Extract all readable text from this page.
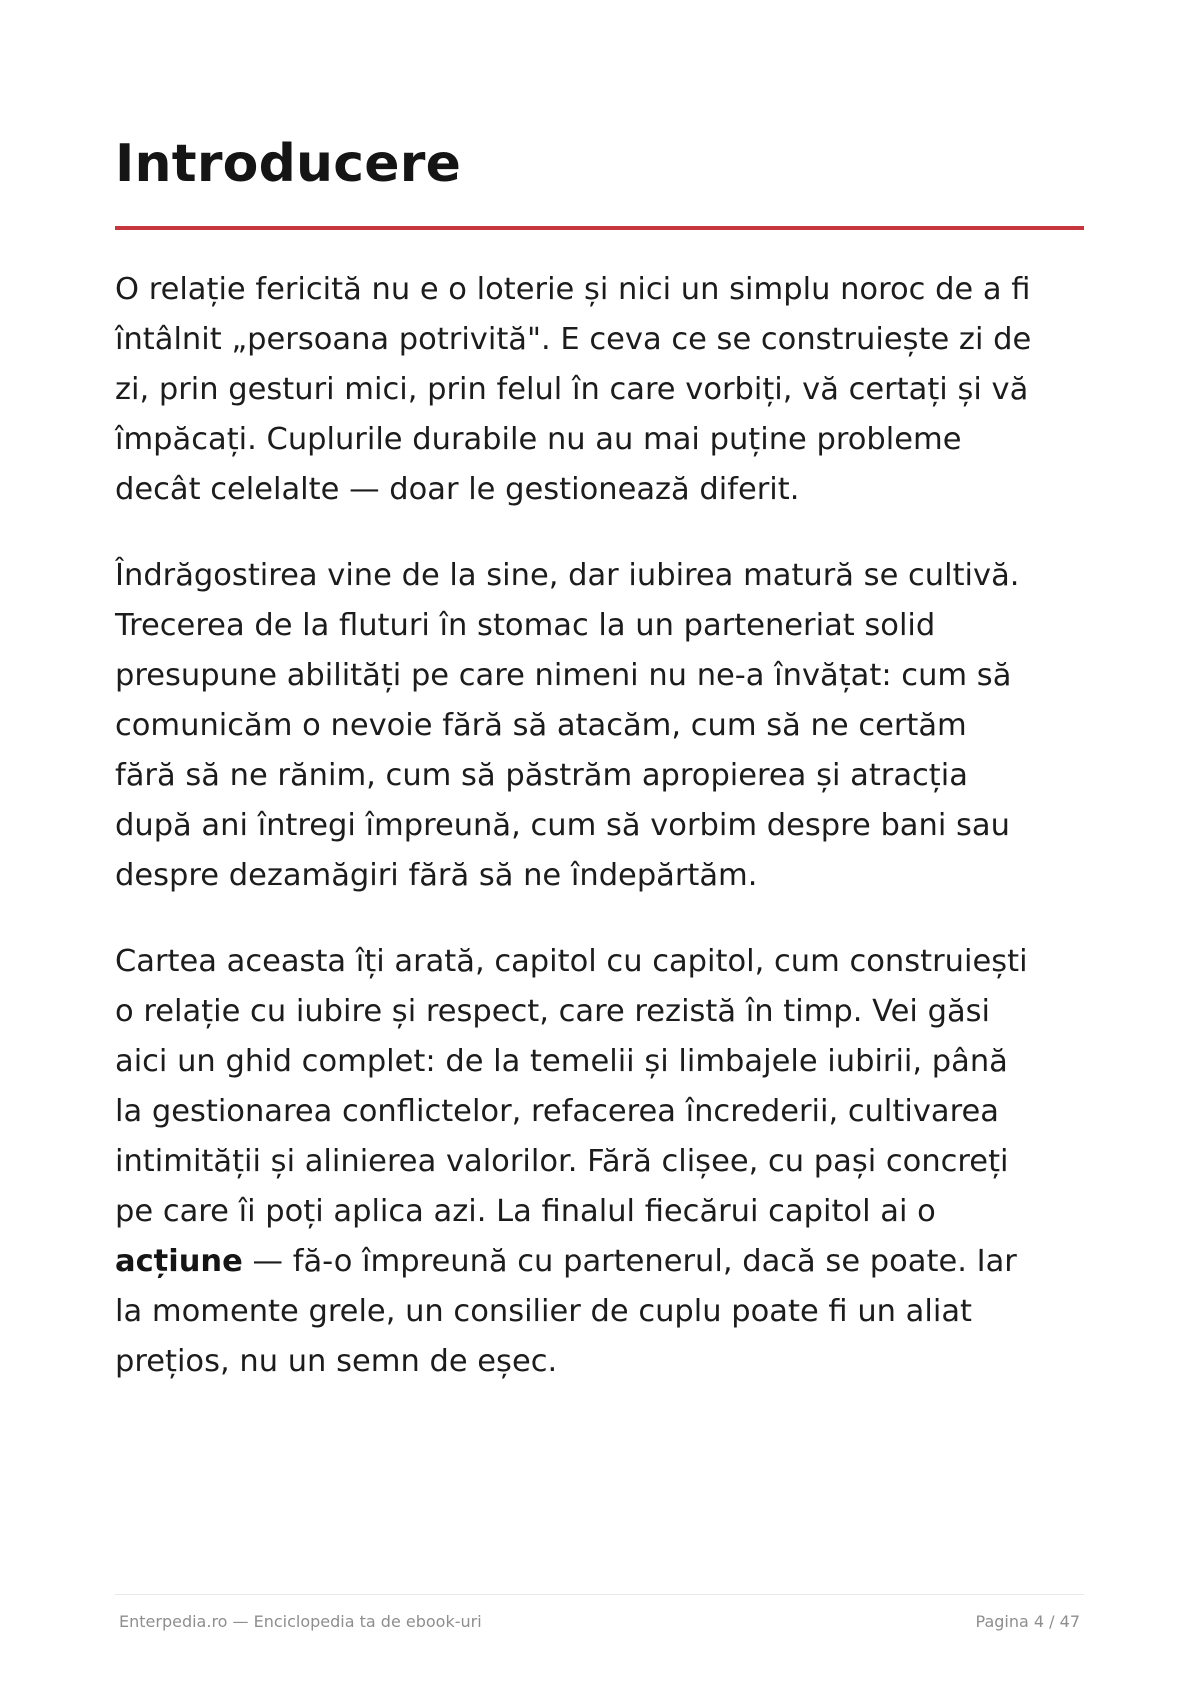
Introducere

O relație fericită nu e o loterie și nici un simplu noroc de a fi
întâlnit „persoana potrivită". E ceva ce se construiește zi de
zi, prin gesturi mici, prin felul în care vorbiți, vă certați și vă
împăcați. Cuplurile durabile nu au mai puține probleme
decât celelalte — doar le gestionează diferit.

Îndrăgostirea vine de la sine, dar iubirea matură se cultivă.
Trecerea de la fluturi în stomac la un parteneriat solid
presupune abilități pe care nimeni nu ne-a învățat: cum să
comunicăm o nevoie fără să atacăm, cum să ne certăm
fără să ne rănim, cum să păstrăm apropierea și atracția
după ani întregi împreună, cum să vorbim despre bani sau
despre dezamăgiri fără să ne îndepărtăm.

Cartea aceasta îți arată, capitol cu capitol, cum construiești
o relație cu iubire și respect, care rezistă în timp. Vei găsi
aici un ghid complet: de la temelii și limbajele iubirii, până
la gestionarea conflictelor, refacerea încrederii, cultivarea
intimității și alinierea valorilor. Fără clișee, cu pași concreți
pe care îi poți aplica azi. La finalul fiecărui capitol ai o
acțiune — fă-o împreună cu partenerul, dacă se poate. Iar
la momente grele, un consilier de cuplu poate fi un aliat
prețios, nu un semn de eșec.

Enterpedia.ro — Enciclopedia ta de ebook-uri	Pagina 4 / 47
